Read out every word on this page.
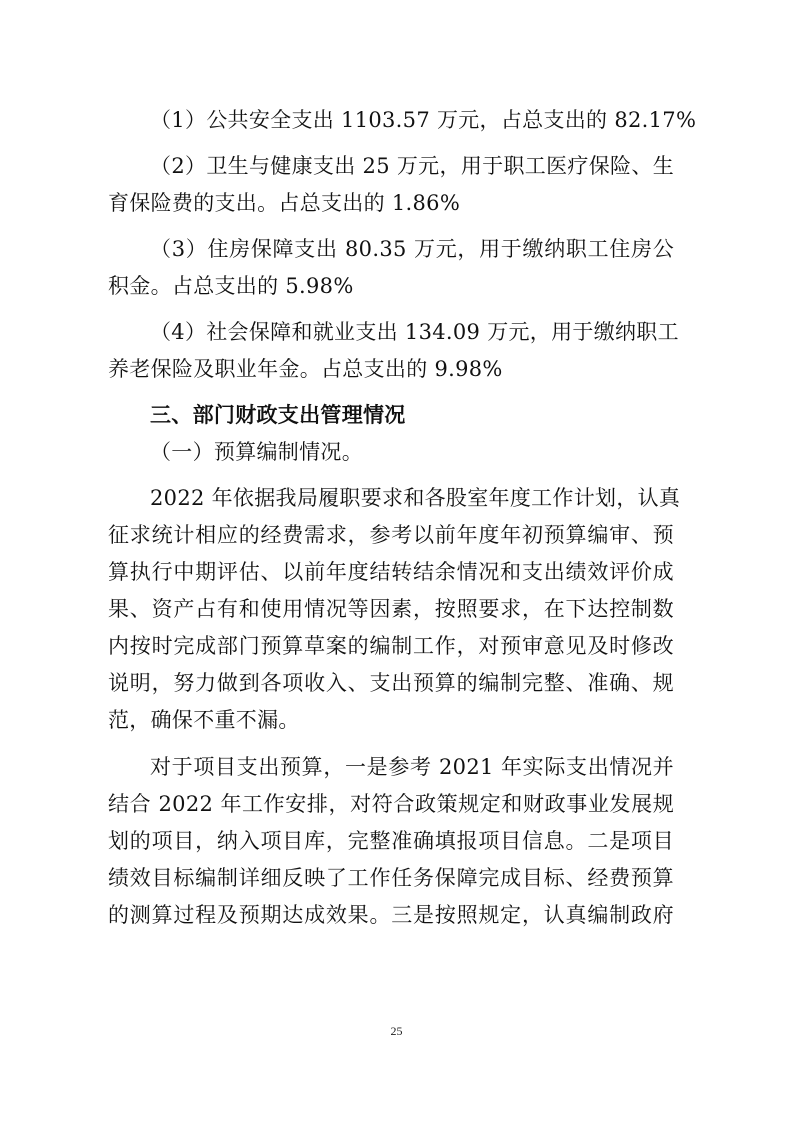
（1）公共安全支出 1103.57 万元，占总支出的 82.17%
（2）卫生与健康支出 25 万元，用于职工医疗保险、生
育保险费的支出。占总支出的 1.86%
（3）住房保障支出 80.35 万元，用于缴纳职工住房公
积金。占总支出的 5.98%
（4）社会保障和就业支出 134.09 万元，用于缴纳职工
养老保险及职业年金。占总支出的 9.98%
三、部门财政支出管理情况
（一）预算编制情况。
2022 年依据我局履职要求和各股室年度工作计划，认真
征求统计相应的经费需求，参考以前年度年初预算编审、预
算执行中期评估、以前年度结转结余情况和支出绩效评价成
果、资产占有和使用情况等因素，按照要求，在下达控制数
内按时完成部门预算草案的编制工作，对预审意见及时修改
说明，努力做到各项收入、支出预算的编制完整、准确、规
范，确保不重不漏。
对于项目支出预算，一是参考 2021 年实际支出情况并
结合 2022 年工作安排，对符合政策规定和财政事业发展规
划的项目，纳入项目库，完整准确填报项目信息。二是项目
绩效目标编制详细反映了工作任务保障完成目标、经费预算
的测算过程及预期达成效果。三是按照规定，认真编制政府
25
